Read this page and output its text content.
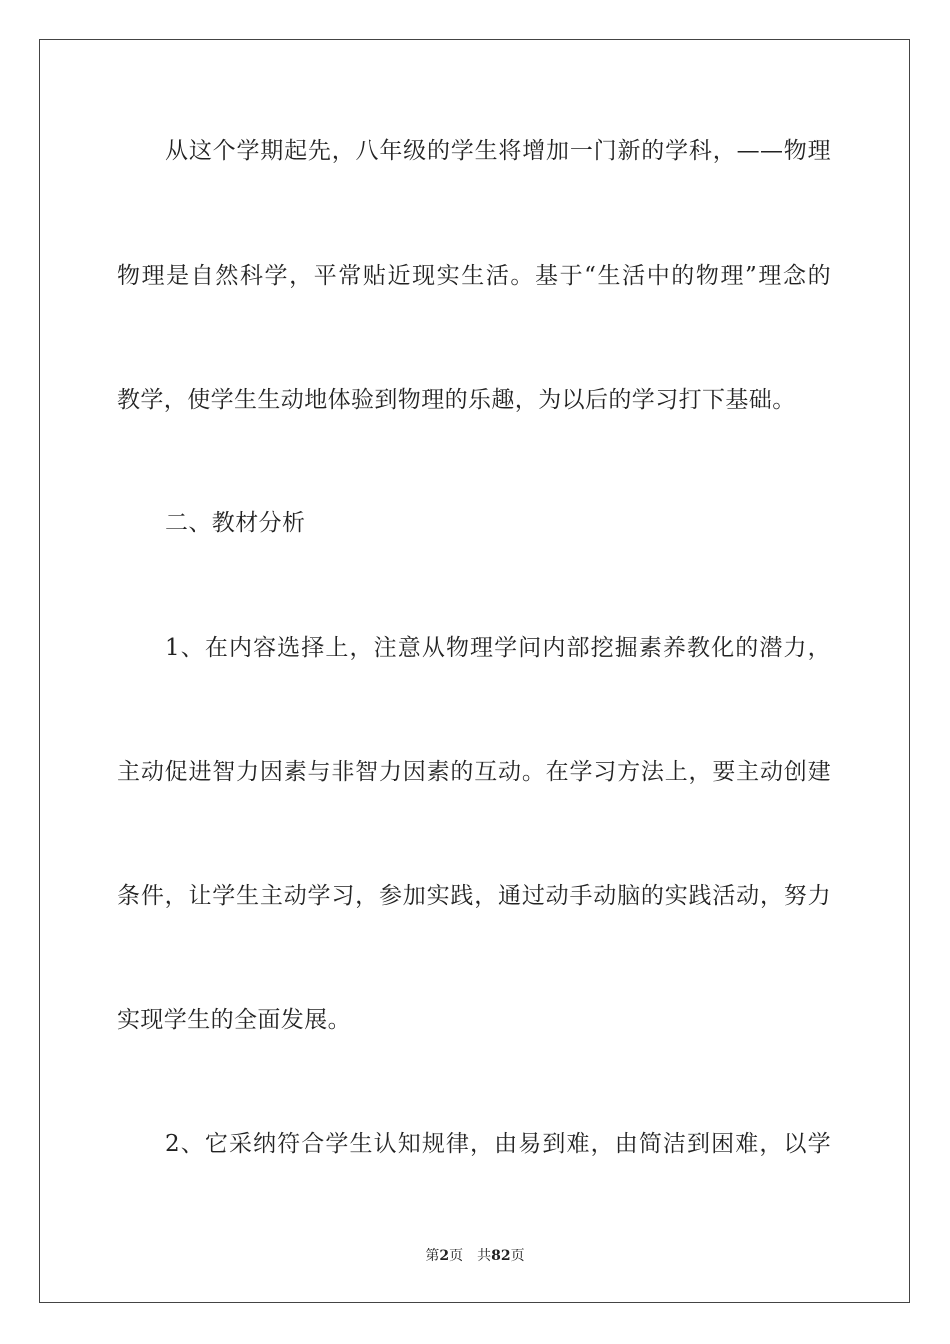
从这个学期起先，八年级的学生将增加一门新的学科，——物理
物理是自然科学，平常贴近现实生活。基于“生活中的物理”理念的
教学，使学生生动地体验到物理的乐趣，为以后的学习打下基础。
二、教材分析
1、在内容选择上，注意从物理学问内部挖掘素养教化的潜力，
主动促进智力因素与非智力因素的互动。在学习方法上，要主动创建
条件，让学生主动学习，参加实践，通过动手动脑的实践活动，努力
实现学生的全面发展。
2、它采纳符合学生认知规律，由易到难，由简洁到困难，以学
第2页 共82页
